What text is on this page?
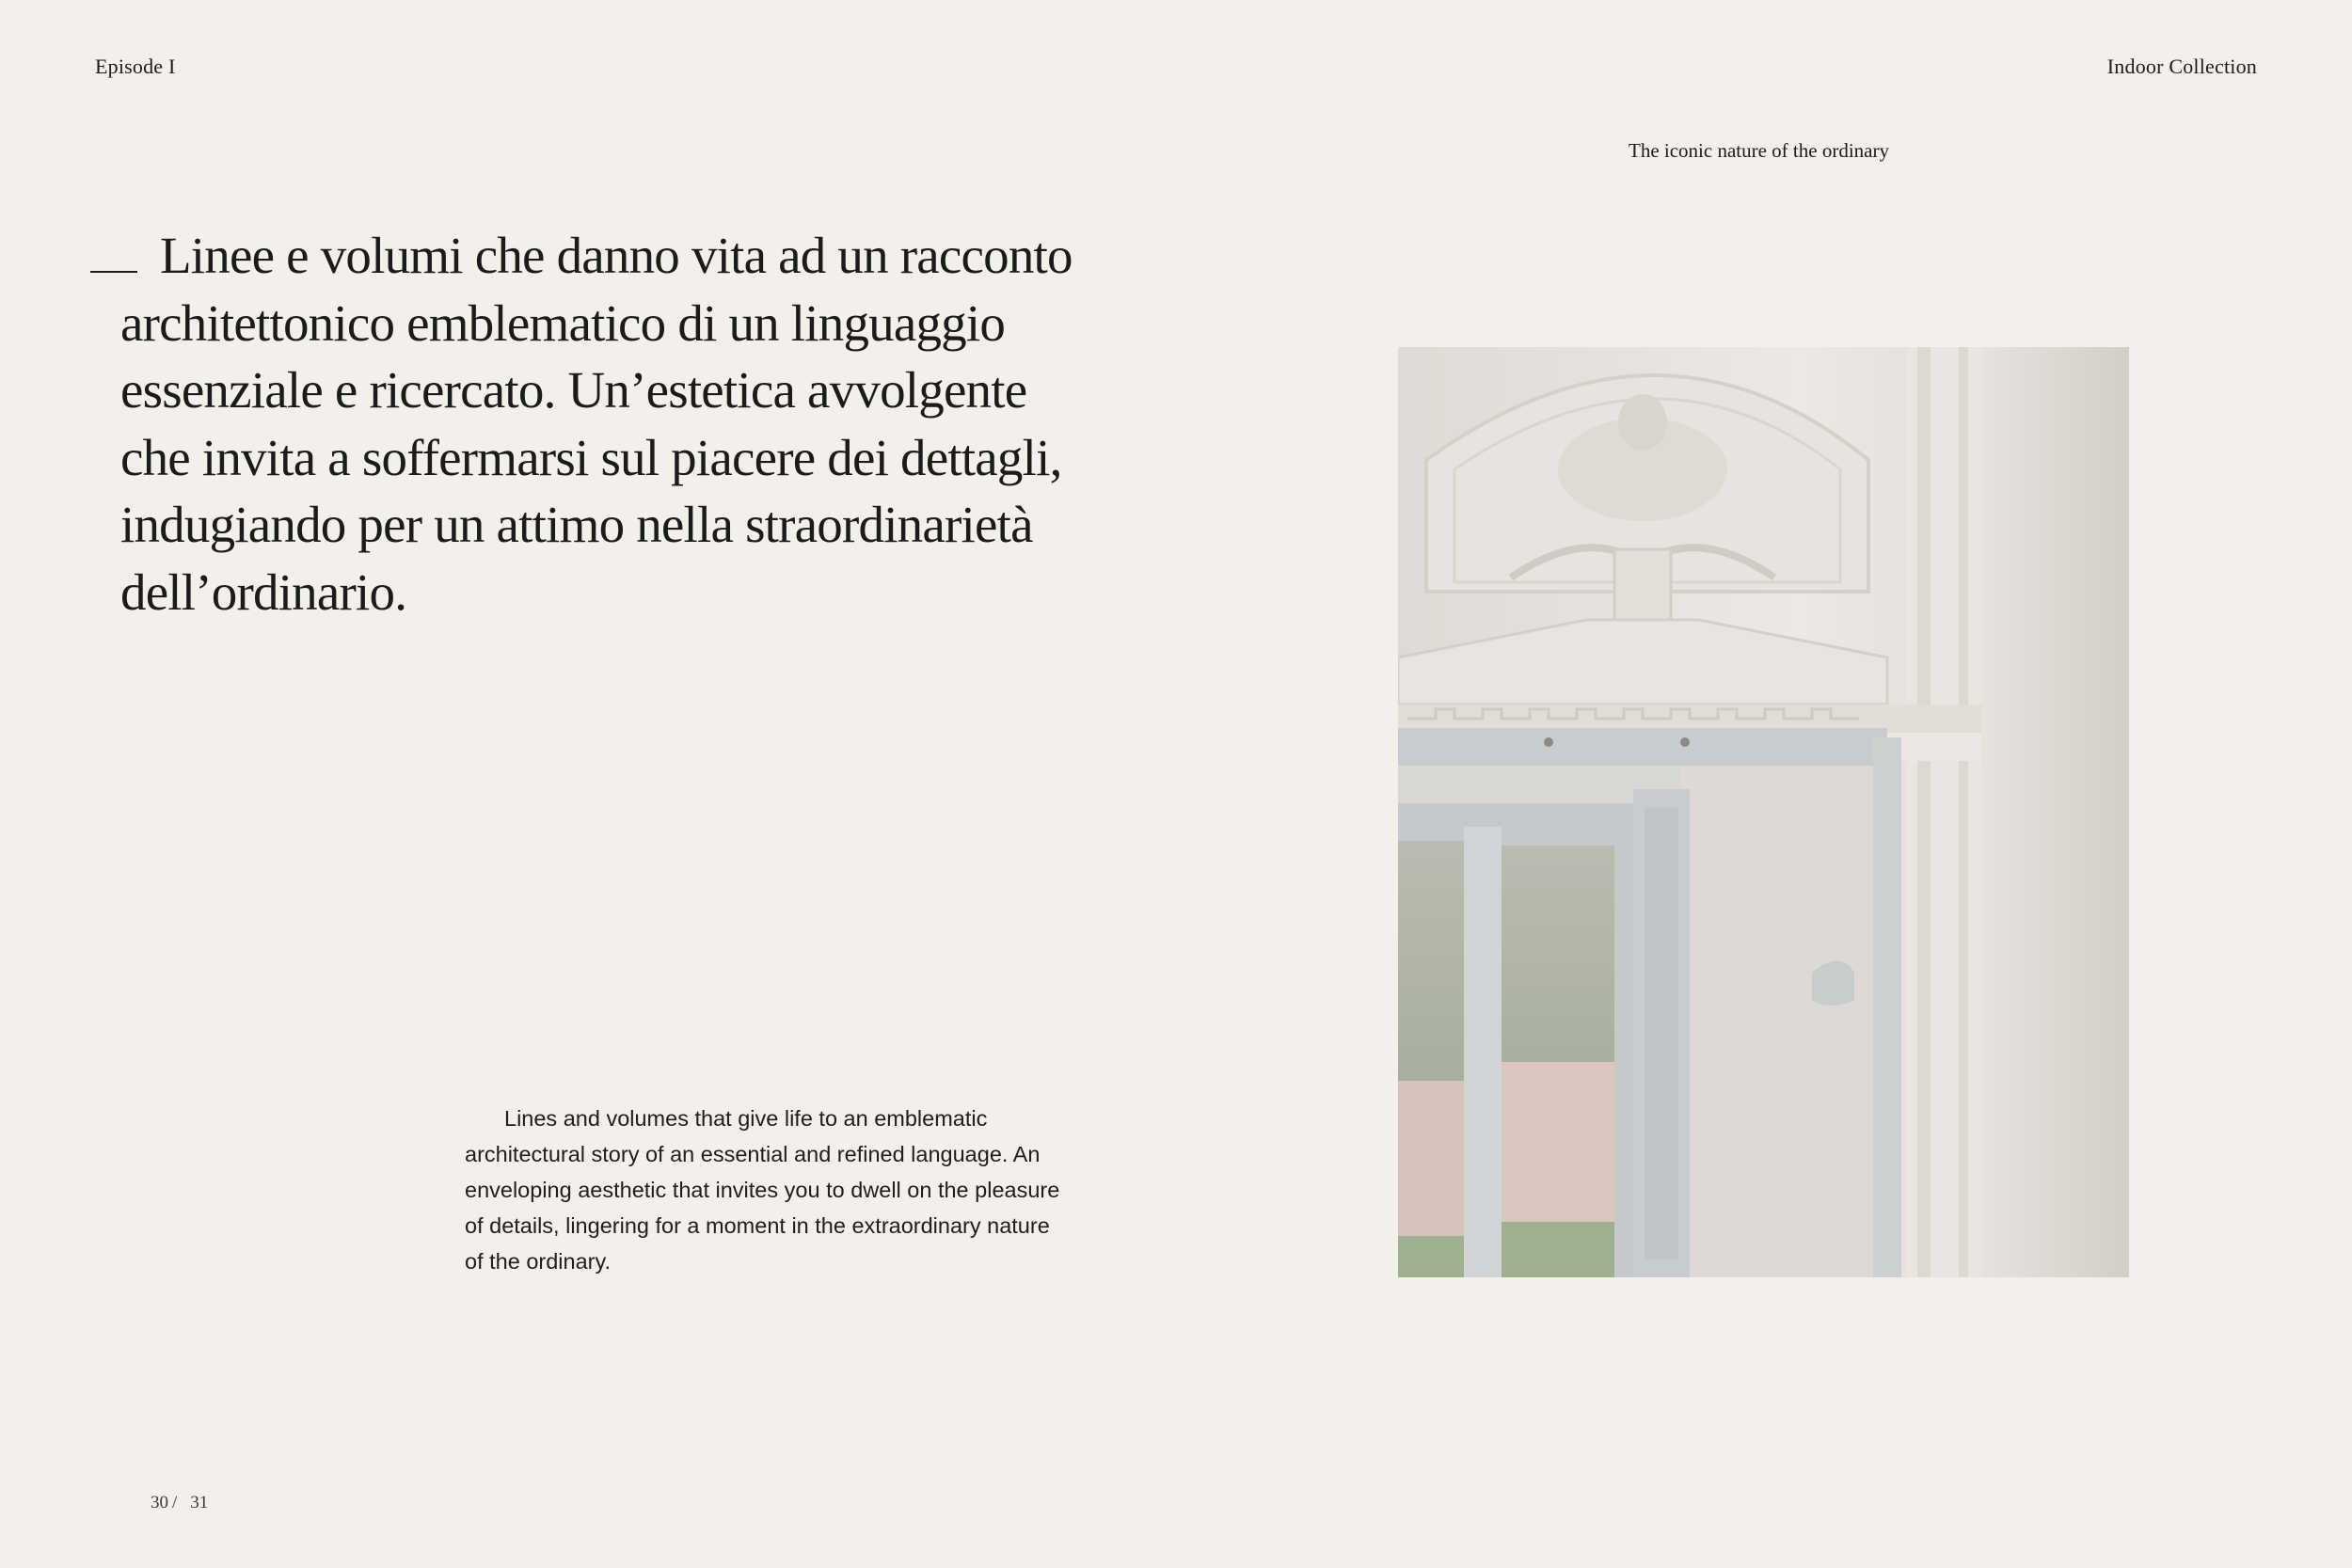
Episode I	Indoor Collection
The iconic nature of the ordinary

Linee e volumi che danno vita ad un racconto architettonico emblematico di un linguaggio essenziale e ricercato. Un’estetica avvolgente che invita a soffermarsi sul piacere dei dettagli, indugiando per un attimo nella straordinarietà dell’ordinario.

Lines and volumes that give life to an emblematic architectural story of an essential and refined language. An enveloping aesthetic that invites you to dwell on the pleasure of details, lingering for a moment in the extraordinary nature of the ordinary.

30 / 31
